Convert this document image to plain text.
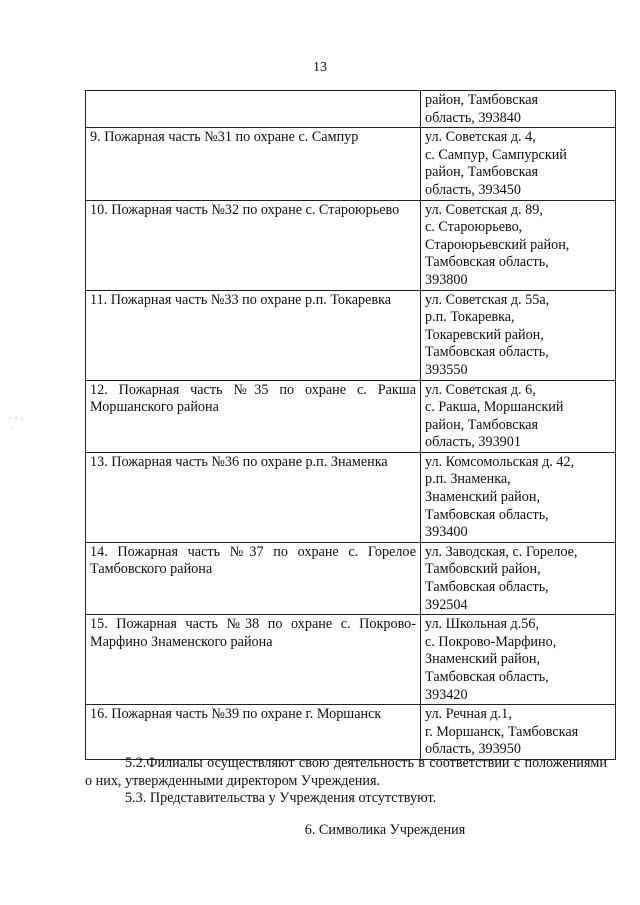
13

	район, Тамбовская
область, 393840

9. Пожарная часть №31 по охране с. Сампур	ул. Советская д. 4,
с. Сампур, Сампурский
район, Тамбовская
область, 393450

10. Пожарная часть №32 по охране с. Староюрьево	ул. Советская д. 89,
с. Староюрьево,
Староюрьевский район,
Тамбовская область,
393800

11. Пожарная часть №33 по охране р.п. Токаревка	ул. Советская д. 55а,
р.п. Токаревка,
Токаревский район,
Тамбовская область,
393550

12. Пожарная часть №35 по охране с. Ракша Моршанского района	ул. Советская д. 6,
с. Ракша, Моршанский
район, Тамбовская
область, 393901

13. Пожарная часть №36 по охране р.п. Знаменка	ул. Комсомольская д. 42,
р.п. Знаменка,
Знаменский район,
Тамбовская область,
393400

14. Пожарная часть №37 по охране с. Горелое Тамбовского района	ул. Заводская, с. Горелое,
Тамбовский район,
Тамбовская область,
392504

15. Пожарная часть №38 по охране с. Покрово-Марфино Знаменского района	ул. Школьная д.56,
с. Покрово-Марфино,
Знаменский район,
Тамбовская область,
393420

16. Пожарная часть №39 по охране г. Моршанск	ул. Речная д.1,
г. Моршанск, Тамбовская
область, 393950
5.2.Филиалы осуществляют свою деятельность в соответствии с положениями о них, утвержденными директором Учреждения.
5.3. Представительства у Учреждения отсутствуют.
6. Символика Учреждения
